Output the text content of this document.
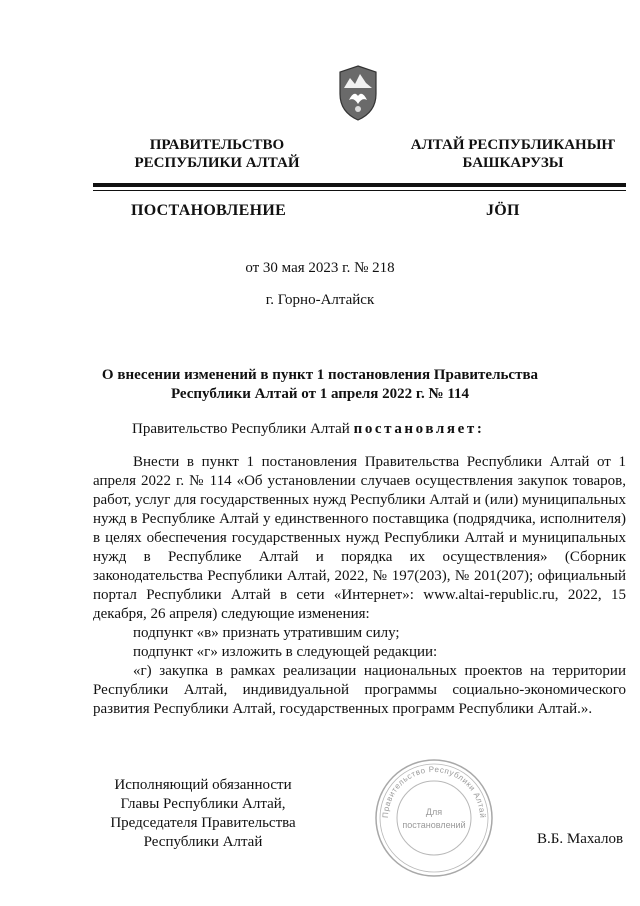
ПРАВИТЕЛЬСТВО
РЕСПУБЛИКИ АЛТАЙ
АЛТАЙ РЕСПУБЛИКАНЫҤ
БАШКАРУЗЫ
ПОСТАНОВЛЕНИЕ	JӦП
от 30 мая 2023 г. № 218
г. Горно-Алтайск
О внесении изменений в пункт 1 постановления Правительства Республики Алтай от 1 апреля 2022 г. № 114
Правительство Республики Алтай постановляет:

Внести в пункт 1 постановления Правительства Республики Алтай от 1 апреля 2022 г. № 114 «Об установлении случаев осуществления закупок товаров, работ, услуг для государственных нужд Республики Алтай и (или) муниципальных нужд в Республике Алтай у единственного поставщика (подрядчика, исполнителя) в целях обеспечения государственных нужд Республики Алтай и муниципальных нужд в Республике Алтай и порядка их осуществления» (Сборник законодательства Республики Алтай, 2022, № 197(203), № 201(207); официальный портал Республики Алтай в сети «Интернет»: www.altai-republic.ru, 2022, 15 декабря, 26 апреля) следующие изменения:

подпункт «в» признать утратившим силу;

подпункт «г» изложить в следующей редакции:

«г) закупка в рамках реализации национальных проектов на территории Республики Алтай, индивидуальной программы социально-экономического развития Республики Алтай, государственных программ Республики Алтай.».

Исполняющий обязанности
Главы Республики Алтай,
Председателя Правительства
Республики Алтай
Правительство Республики Алтай
Для
постановлений
В.Б. Махалов
